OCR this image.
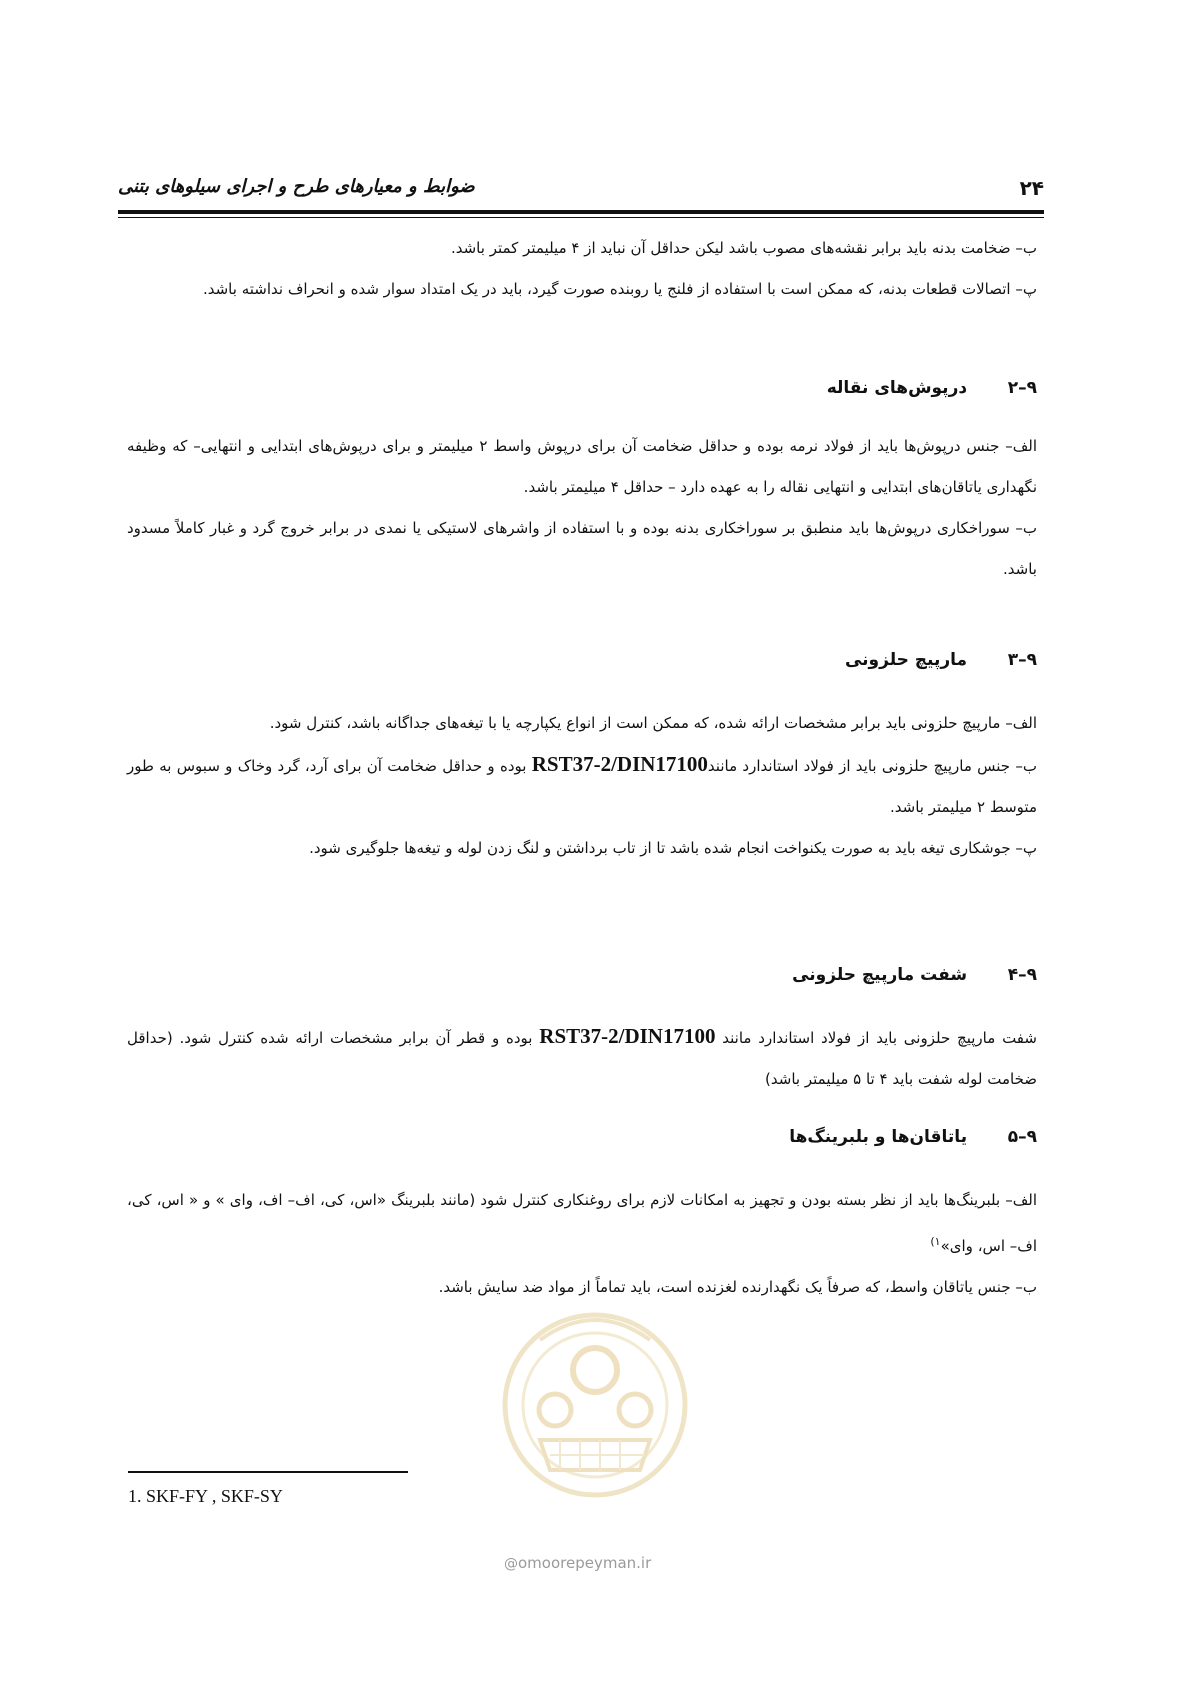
ضوابط و معیارهای طرح و اجرای سیلوهای بتنی	۲۴

ب‌– ضخامت بدنه باید برابر نقشه‌های مصوب باشد لیکن حداقل آن نباید از ۴ میلیمتر کمتر باشد.

پ‌– اتصالات قطعات بدنه، که ممکن است با استفاده از فلنج یا روبنده صورت گیرد، باید در یک امتداد سوار شده و انحراف نداشته باشد.

۹–۲ درپوش‌های نقاله

الف‌– جنس درپوش‌ها باید از فولاد نرمه بوده و حداقل ضخامت آن برای درپوش واسط ۲ میلیمتر و برای درپوش‌های ابتدایی و انتهایی– که وظیفه نگهداری یاتاقان‌های ابتدایی و انتهایی نقاله را به عهده دارد – حداقل ۴ میلیمتر باشد.

ب‌– سوراخکاری درپوش‌ها باید منطبق بر سوراخکاری بدنه بوده و با استفاده از واشرهای لاستیکی یا نمدی در برابر خروج گرد و غبار کاملاً مسدود باشد.

۹–۳ مارپیچ حلزونی

الف‌– مارپیچ حلزونی باید برابر مشخصات ارائه شده، که ممکن است از انواع یکپارچه یا با تیغه‌های جداگانه باشد، کنترل شود.

ب‌– جنس مارپیچ حلزونی باید از فولاد استاندارد مانندRST37-2/DIN17100 بوده و حداقل ضخامت آن برای آرد، گرد وخاک و سبوس به طور متوسط ۲ میلیمتر باشد.

پ‌– جوشکاری تیغه باید به صورت یکنواخت انجام شده باشد تا از تاب برداشتن و لنگ زدن لوله و تیغه‌ها جلوگیری شود.

۹–۴ شفت مارپیچ حلزونی

شفت مارپیچ حلزونی باید از فولاد استاندارد مانند RST37-2/DIN17100 بوده و قطر آن برابر مشخصات ارائه شده کنترل شود. (حداقل ضخامت لوله شفت باید ۴ تا ۵ میلیمتر باشد)

۹–۵ یاتاقان‌ها و بلبرینگ‌ها

الف‌– بلبرینگ‌ها باید از نظر بسته بودن و تجهیز به امکانات لازم برای روغنکاری کنترل شود (مانند بلبرینگ «اس، کی، اف– اف، وای » و « اس، کی، اف– اس، وای»$^{۱)}$

ب‌– جنس یاتاقان واسط، که صرفاً یک نگهدارنده لغزنده است، باید تماماً از مواد ضد سایش باشد.

@omoorepeyman.ir
1. SKF-FY , SKF-SY
